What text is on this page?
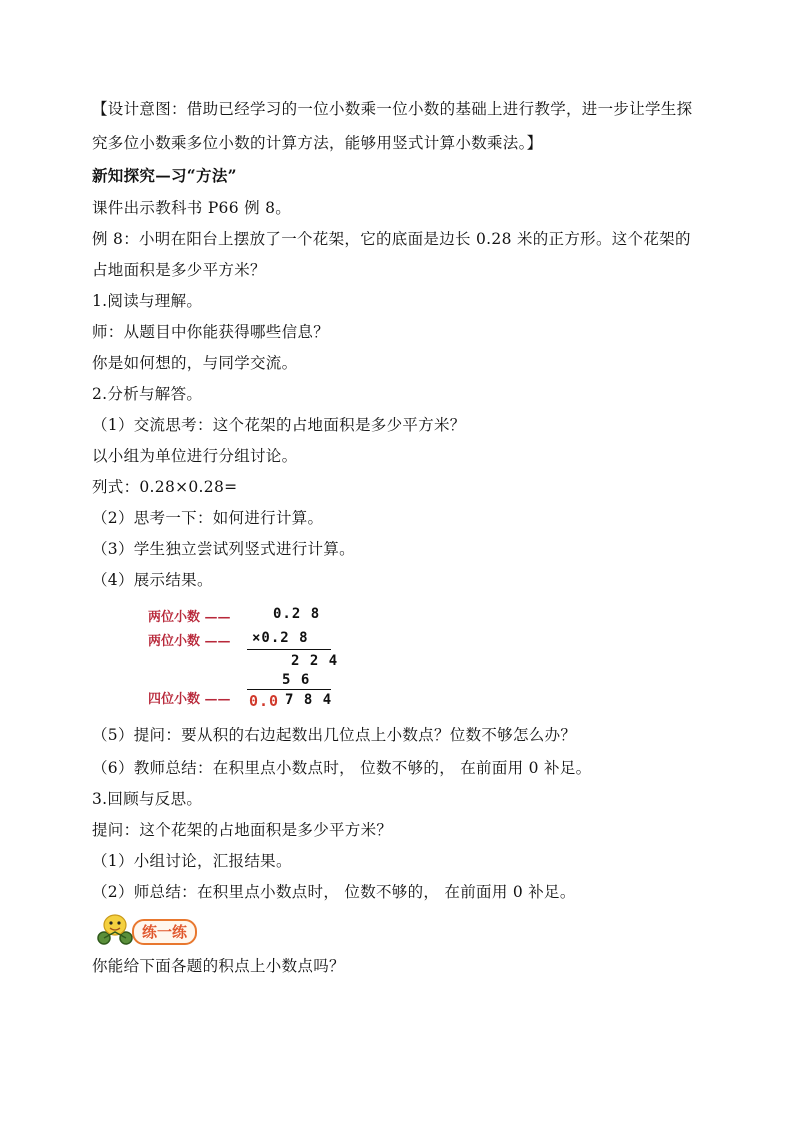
【设计意图：借助已经学习的一位小数乘一位小数的基础上进行教学，进一步让学生探
究多位小数乘多位小数的计算方法，能够用竖式计算小数乘法。】
新知探究—习“方法”
课件出示教科书 P66 例 8。
例 8：小明在阳台上摆放了一个花架，它的底面是边长 0.28 米的正方形。这个花架的
占地面积是多少平方米？
1.阅读与理解。
师：从题目中你能获得哪些信息？
你是如何想的，与同学交流。
2.分析与解答。
（1）交流思考：这个花架的占地面积是多少平方米？
以小组为单位进行分组讨论。
列式：0.28×0.28=
（2）思考一下：如何进行计算。
（3）学生独立尝试列竖式进行计算。
（4）展示结果。
两位小数 ——
两位小数 ——
四位小数 ——
0.2 8
×0.2 8
2 2 4
5 6
0.0 7 8 4
（5）提问：要从积的右边起数出几位点上小数点？位数不够怎么办？
（6）教师总结：在积里点小数点时， 位数不够的， 在前面用 0 补足。
3.回顾与反思。
提问：这个花架的占地面积是多少平方米？
（1）小组讨论，汇报结果。
（2）师总结：在积里点小数点时， 位数不够的， 在前面用 0 补足。
练一练
你能给下面各题的积点上小数点吗？
